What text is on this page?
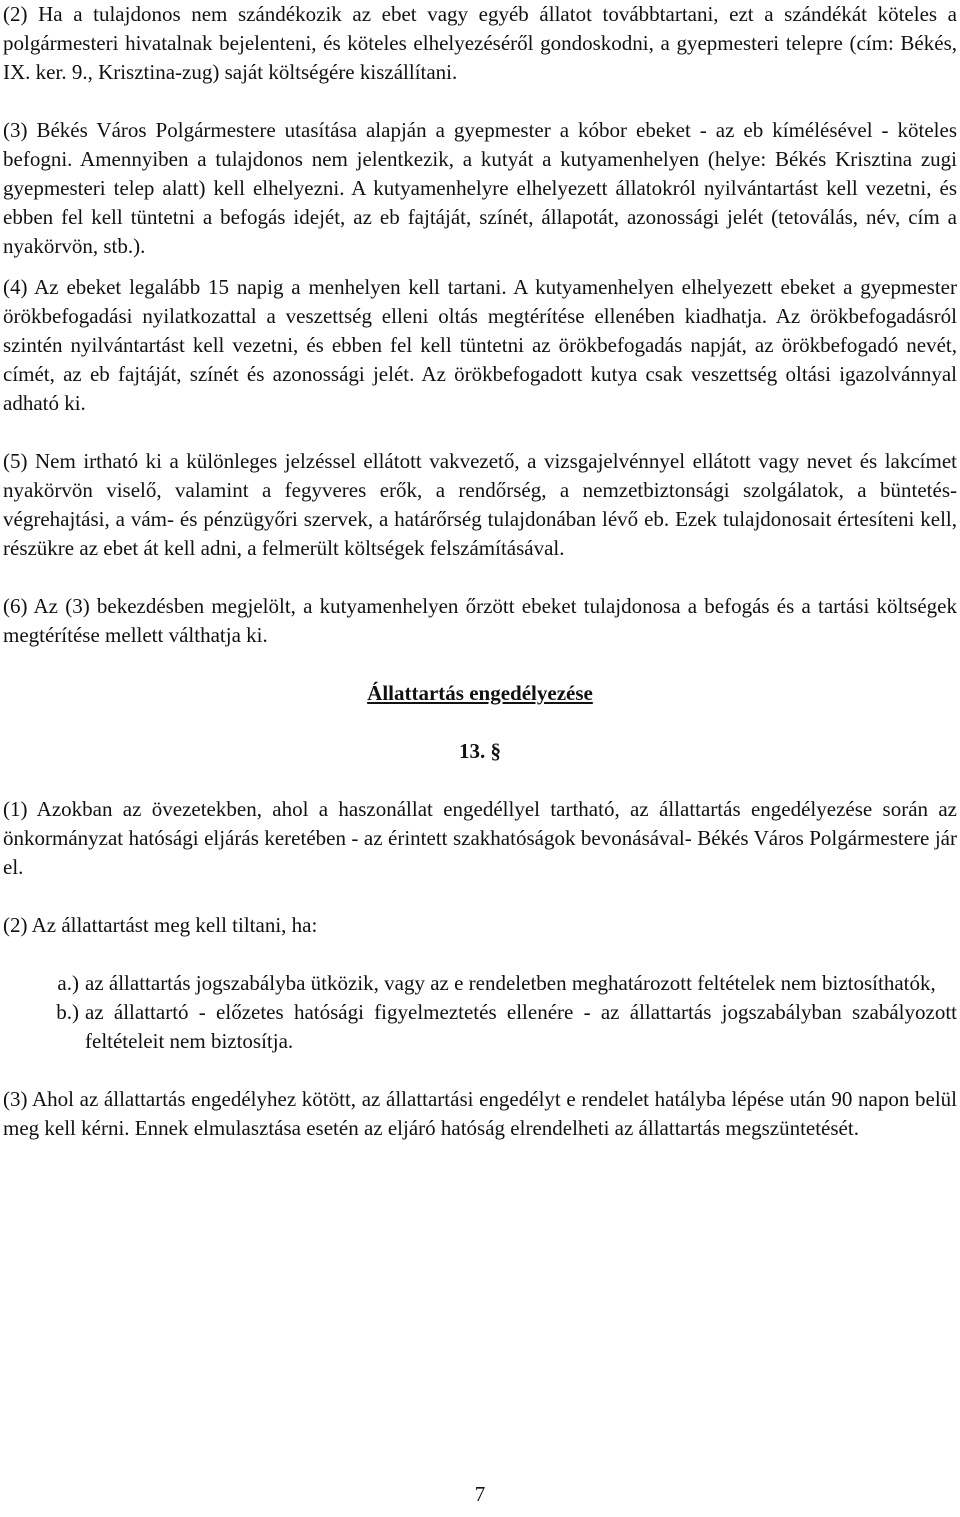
(2) Ha a tulajdonos nem szándékozik az ebet vagy egyéb állatot továbbtartani, ezt a szándékát köteles a polgármesteri hivatalnak bejelenteni, és köteles elhelyezéséről gondoskodni, a gyepmesteri telepre (cím: Békés, IX. ker. 9., Krisztina-zug) saját költségére kiszállítani.

(3) Békés Város Polgármestere utasítása alapján a gyepmester a kóbor ebeket - az eb kímélésével - köteles befogni. Amennyiben a tulajdonos nem jelentkezik, a kutyát a kutyamenhelyen (helye: Békés Krisztina zugi gyepmesteri telep alatt) kell elhelyezni. A kutyamenhelyre elhelyezett állatokról nyilvántartást kell vezetni, és ebben fel kell tüntetni a befogás idejét, az eb fajtáját, színét, állapotát, azonossági jelét (tetoválás, név, cím a nyakörvön, stb.).

(4) Az ebeket legalább 15 napig a menhelyen kell tartani. A kutyamenhelyen elhelyezett ebeket a gyepmester örökbefogadási nyilatkozattal a veszettség elleni oltás megtérítése ellenében kiadhatja. Az örökbefogadásról szintén nyilvántartást kell vezetni, és ebben fel kell tüntetni az örökbefogadás napját, az örökbefogadó nevét, címét, az eb fajtáját, színét és azonossági jelét. Az örökbefogadott kutya csak veszettség oltási igazolvánnyal adható ki.

(5) Nem irtható ki a különleges jelzéssel ellátott vakvezető, a vizsgajelvénnyel ellátott vagy nevet és lakcímet nyakörvön viselő, valamint a fegyveres erők, a rendőrség, a nemzetbiztonsági szolgálatok, a büntetés-végrehajtási, a vám- és pénzügyőri szervek, a határőrség tulajdonában lévő eb. Ezek tulajdonosait értesíteni kell, részükre az ebet át kell adni, a felmerült költségek felszámításával.

(6) Az (3) bekezdésben megjelölt, a kutyamenhelyen őrzött ebeket tulajdonosa a befogás és a tartási költségek megtérítése mellett válthatja ki.

Állattartás engedélyezése

13. §

(1) Azokban az övezetekben, ahol a haszonállat engedéllyel tartható, az állattartás engedélyezése során az önkormányzat hatósági eljárás keretében - az érintett szakhatóságok bevonásával- Békés Város Polgármestere jár el.

(2) Az állattartást meg kell tiltani, ha:

a.) az állattartás jogszabályba ütközik, vagy az e rendeletben meghatározott feltételek nem biztosíthatók,
b.) az állattartó - előzetes hatósági figyelmeztetés ellenére - az állattartás jogszabályban szabályozott feltételeit nem biztosítja.

(3) Ahol az állattartás engedélyhez kötött, az állattartási engedélyt e rendelet hatályba lépése után 90 napon belül meg kell kérni. Ennek elmulasztása esetén az eljáró hatóság elrendelheti az állattartás megszüntetését.

7
